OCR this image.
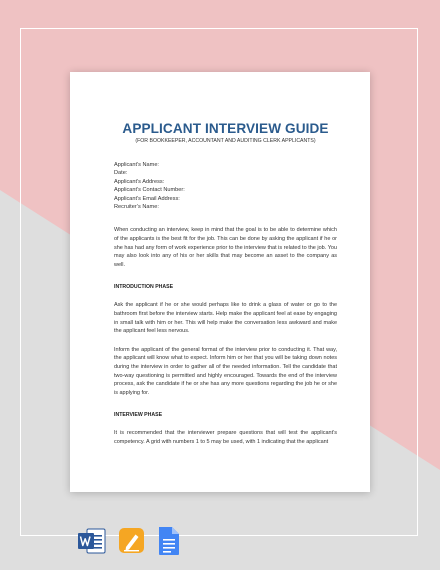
APPLICANT INTERVIEW GUIDE
(FOR BOOKKEEPER, ACCOUNTANT AND AUDITING CLERK APPLICANTS)
Applicant’s Name:
Date:
Applicant’s Address:
Applicant’s Contact Number:
Applicant’s Email Address:
Recruiter’s Name:

When conducting an interview, keep in mind that the goal is to be able to determine which of the applicants is the best fit for the job. This can be done by asking the applicant if he or she has had any form of work experience prior to the interview that is related to the job. You may also look into any of his or her skills that may become an asset to the company as well.

INTRODUCTION PHASE

Ask the applicant if he or she would perhaps like to drink a glass of water or go to the bathroom first before the interview starts. Help make the applicant feel at ease by engaging in small talk with him or her. This will help make the conversation less awkward and make the applicant feel less nervous.

Inform the applicant of the general format of the interview prior to conducting it. That way, the applicant will know what to expect. Inform him or her that you will be taking down notes during the interview in order to gather all of the needed information. Tell the candidate that two-way questioning is permitted and highly encouraged. Towards the end of the interview process, ask the candidate if he or she has any more questions regarding the job he or she is applying for.

INTERVIEW PHASE

It is recommended that the interviewer prepare questions that will test the applicant’s competency. A grid with numbers 1 to 5 may be used, with 1 indicating that the applicant
